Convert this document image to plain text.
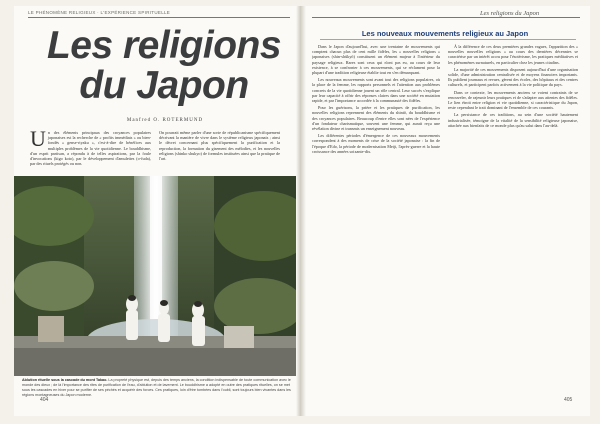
LE PHÉNOMÈNE RELIGIEUX · L'EXPÉRIENCE SPIRITUELLE
Les religions
du Japon
Manfred O. ROTERMUND
U n des éléments principaux des croyances populaires japonaises est la recherche de « profits immédiats » ou bien-fondés « gense-riyaku », c'est-à-dire de bénéfices aux multiples problèmes de la vie quotidienne. Le bouddhisme, d'un esprit partisan, a répondu à de telles aspirations, par la foule d'invocations (kigo koto), par le développement d'amulettes (o-fuda), par des rituels protégés ou non.
On pourrait même parler d'une sorte de républicanisme spécifiquement décrivant la manière de vivre dans le système religieux japonais ; ainsi le décret concernant plus spécifiquement la purification et la reproduction, la formation du gisement des mélodies, et les nouvelles religions (shinko shukyo) de formules instituées ainsi que la pratique de l'art.
Ablution rituelle sous la cascade du mont Takao. La propreté physique est, depuis des temps anciens, la condition indispensable de toute communication avec le monde des dieux ; de là l'importance des rites de purification de l'eau, d'ablution et de lavement. Le bouddhisme a adopté en outre des pratiques rituelles, on se met sous les cascades en hiver pour se purifier de ses péchés et acquérir des forces. Ces pratiques, loin d'être tombées dans l'oubli, sont toujours bien vivantes dans les régions montagneuses du Japon moderne.
404
Les religions du Japon
Les nouveaux mouvements religieux au Japon

Dans le Japon d'aujourd'hui, avec une trentaine de mouvements qui comptent chacun plus de cent mille fidèles, les « nouvelles religions » japonaises (shin-shūkyō) constituent un élément majeur à l'intérieur du paysage religieux. Rares sont ceux qui n'ont pas eu, au cours de leur existence, à se confronter à ces mouvements, qui se réclament pour la plupart d'une tradition religieuse établie tout en s'en démarquant.

Les nouveaux mouvements sont avant tout des religions populaires, où la place de la femme, les rapports personnels et l'attention aux problèmes concrets de la vie quotidienne jouent un rôle central. Leur succès s'explique par leur capacité à offrir des réponses claires dans une société en mutation rapide, et par l'importance accordée à la communauté des fidèles.

Pour les guérisons, la prière et les pratiques de purification, les nouvelles religions reprennent des éléments du shintō, du bouddhisme et des croyances populaires. Beaucoup d'entre elles sont nées de l'expérience d'un fondateur charismatique, souvent une femme, qui aurait reçu une révélation divine et transmis un enseignement nouveau.

Les différentes périodes d'émergence de ces nouveaux mouvements correspondent à des moments de crise de la société japonaise : la fin de l'époque d'Edo, la période de modernisation Meiji, l'après-guerre et la haute croissance des années soixante-dix.

À la différence de ces deux premières grandes vagues, l'apparition des « nouvelles nouvelles religions » au cours des dernières décennies se caractérise par un intérêt accru pour l'ésotérisme, les pratiques méditatives et les phénomènes surnaturels, en particulier chez les jeunes citadins.

La majorité de ces mouvements disposent aujourd'hui d'une organisation solide, d'une administration centralisée et de moyens financiers importants. Ils publient journaux et revues, gèrent des écoles, des hôpitaux et des centres culturels, et participent parfois activement à la vie politique du pays.

Dans ce contexte, les mouvements anciens se voient contraints de se renouveler, de rajeunir leurs pratiques et de s'adapter aux attentes des fidèles. Le lien étroit entre religion et vie quotidienne, si caractéristique du Japon, reste cependant le trait dominant de l'ensemble de ces courants.

La persistance de ces traditions, au sein d'une société hautement industrialisée, témoigne de la vitalité de la sensibilité religieuse japonaise, attachée aux bienfaits de ce monde plus qu'au salut dans l'au-delà.

405
